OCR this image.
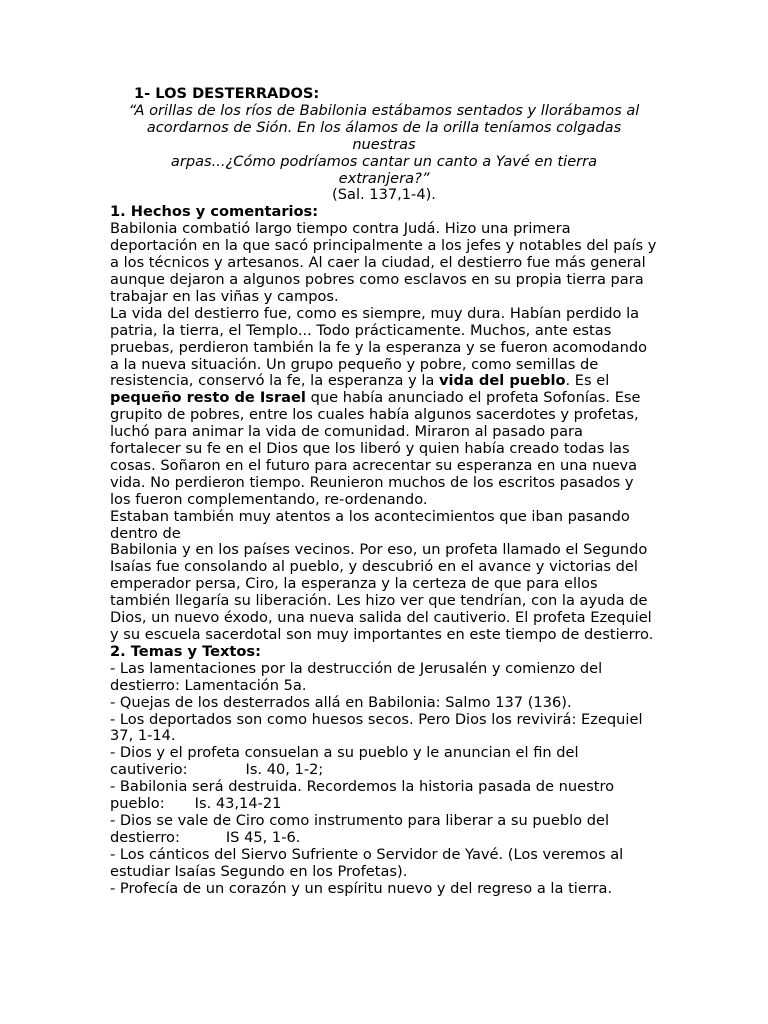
1- LOS DESTERRADOS:

“A orillas de los ríos de Babilonia estábamos sentados y llorábamos al

acordarnos de Sión. En los álamos de la orilla teníamos colgadas

nuestras

arpas...¿Cómo podríamos cantar un canto a Yavé en tierra

extranjera?”

(Sal. 137,1-4).

1. Hechos y comentarios:

Babilonia combatió largo tiempo contra Judá. Hizo una primera deportación en la que sacó principalmente a los jefes y notables del país y a los técnicos y artesanos. Al caer la ciudad, el destierro fue más general aunque dejaron a algunos pobres como esclavos en su propia tierra para trabajar en las viñas y campos.

La vida del destierro fue, como es siempre, muy dura. Habían perdido la patria, la tierra, el Templo... Todo prácticamente. Muchos, ante estas pruebas, perdieron también la fe y la esperanza y se fueron acomodando a la nueva situación. Un grupo pequeño y pobre, como semillas de resistencia, conservó la fe, la esperanza y la vida del pueblo. Es el pequeño resto de Israel que había anunciado el profeta Sofonías. Ese grupito de pobres, entre los cuales había algunos sacerdotes y profetas, luchó para animar la vida de comunidad. Miraron al pasado para fortalecer su fe en el Dios que los liberó y quien había creado todas las cosas. Soñaron en el futuro para acrecentar su esperanza en una nueva vida. No perdieron tiempo. Reunieron muchos de los escritos pasados y los fueron complementando, re-ordenando.

Estaban también muy atentos a los acontecimientos que iban pasando dentro de

Babilonia y en los países vecinos. Por eso, un profeta llamado el Segundo Isaías fue consolando al pueblo, y descubrió en el avance y victorias del emperador persa, Ciro, la esperanza y la certeza de que para ellos también llegaría su liberación. Les hizo ver que tendrían, con la ayuda de Dios, un nuevo éxodo, una nueva salida del cautiverio. El profeta Ezequiel y su escuela sacerdotal son muy importantes en este tiempo de destierro.

2. Temas y Textos:

- Las lamentaciones por la destrucción de Jerusalén y comienzo del destierro: Lamentación 5a.

- Quejas de los desterrados allá en Babilonia: Salmo 137 (136).

- Los deportados son como huesos secos. Pero Dios los revivirá: Ezequiel 37, 1-14.

- Dios y el profeta consuelan a su pueblo y le anuncian el fin del cautiverio:	Is. 40, 1-2;

- Babilonia será destruida. Recordemos la historia pasada de nuestro pueblo: Is. 43,14-21

- Dios se vale de Ciro como instrumento para liberar a su pueblo del destierro:	IS 45, 1-6.

- Los cánticos del Siervo Sufriente o Servidor de Yavé. (Los veremos al estudiar Isaías Segundo en los Profetas).

- Profecía de un corazón y un espíritu nuevo y del regreso a la tierra.
